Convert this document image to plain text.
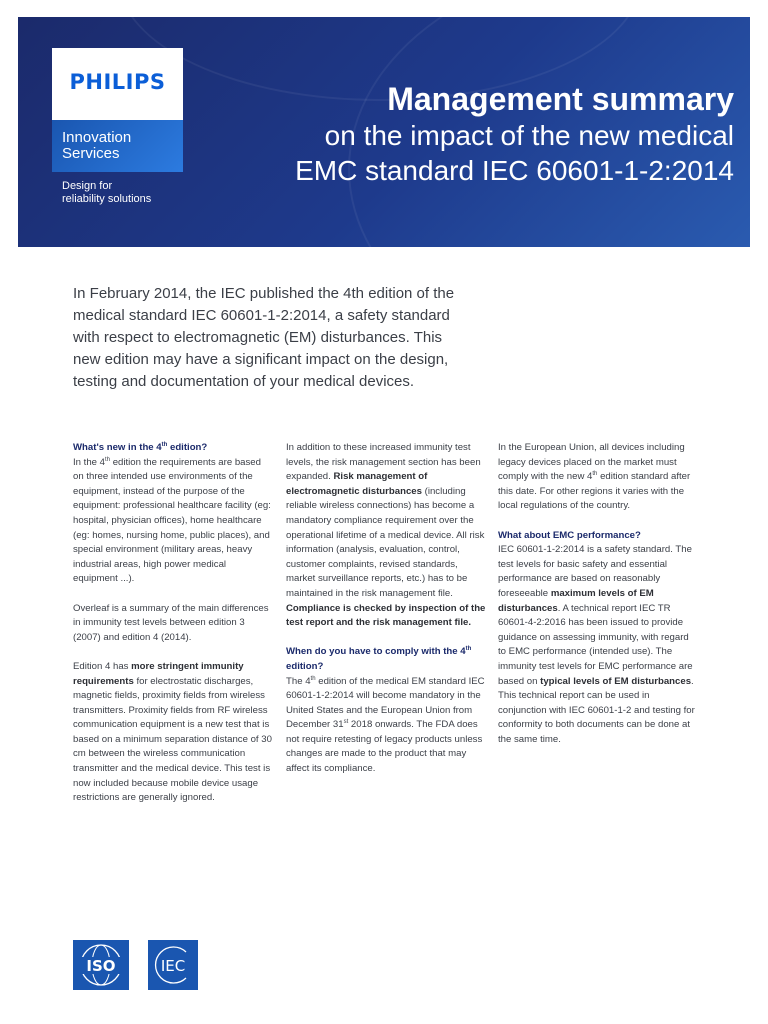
PHILIPS
Innovation
Services
Design for
reliability solutions
Management summary
on the impact of the new medical
EMC standard IEC 60601-1-2:2014
In February 2014, the IEC published the 4th edition of the medical standard IEC 60601-1-2:2014, a safety standard with respect to electromagnetic (EM) disturbances. This new edition may have a significant impact on the design, testing and documentation of your medical devices.
What's new in the 4th edition?

In the 4th edition the requirements are based on three intended use environments of the equipment, instead of the purpose of the equipment: professional healthcare facility (eg: hospital, physician offices), home healthcare (eg: homes, nursing home, public places), and special environment (military areas, heavy industrial areas, high power medical equipment ...).

Overleaf is a summary of the main differences in immunity test levels between edition 3 (2007) and edition 4 (2014).

Edition 4 has more stringent immunity requirements for electrostatic discharges, magnetic fields, proximity fields from wireless transmitters. Proximity fields from RF wireless communication equipment is a new test that is based on a minimum separation distance of 30 cm between the wireless communication transmitter and the medical device. This test is now included because mobile device usage restrictions are generally ignored.

In addition to these increased immunity test levels, the risk management section has been expanded. Risk management of electromagnetic disturbances (including reliable wireless connections) has become a mandatory compliance requirement over the operational lifetime of a medical device. All risk information (analysis, evaluation, control, customer complaints, revised standards, market surveillance reports, etc.) has to be maintained in the risk management file. Compliance is checked by inspection of the test report and the risk management file.

When do you have to comply with the 4th edition?

The 4th edition of the medical EM standard IEC 60601-1-2:2014 will become mandatory in the United States and the European Union from December 31st 2018 onwards. The FDA does not require retesting of legacy products unless changes are made to the product that may affect its compliance.

In the European Union, all devices including legacy devices placed on the market must comply with the new 4th edition standard after this date. For other regions it varies with the local regulations of the country.

What about EMC performance?

IEC 60601-1-2:2014 is a safety standard. The test levels for basic safety and essential performance are based on reasonably foreseeable maximum levels of EM disturbances. A technical report IEC TR 60601-4-2:2016 has been issued to provide guidance on assessing immunity, with regard to EMC performance (intended use). The immunity test levels for EMC performance are based on typical levels of EM disturbances. This technical report can be used in conjunction with IEC 60601-1-2 and testing for conformity to both documents can be done at the same time.

ISO	IEC
